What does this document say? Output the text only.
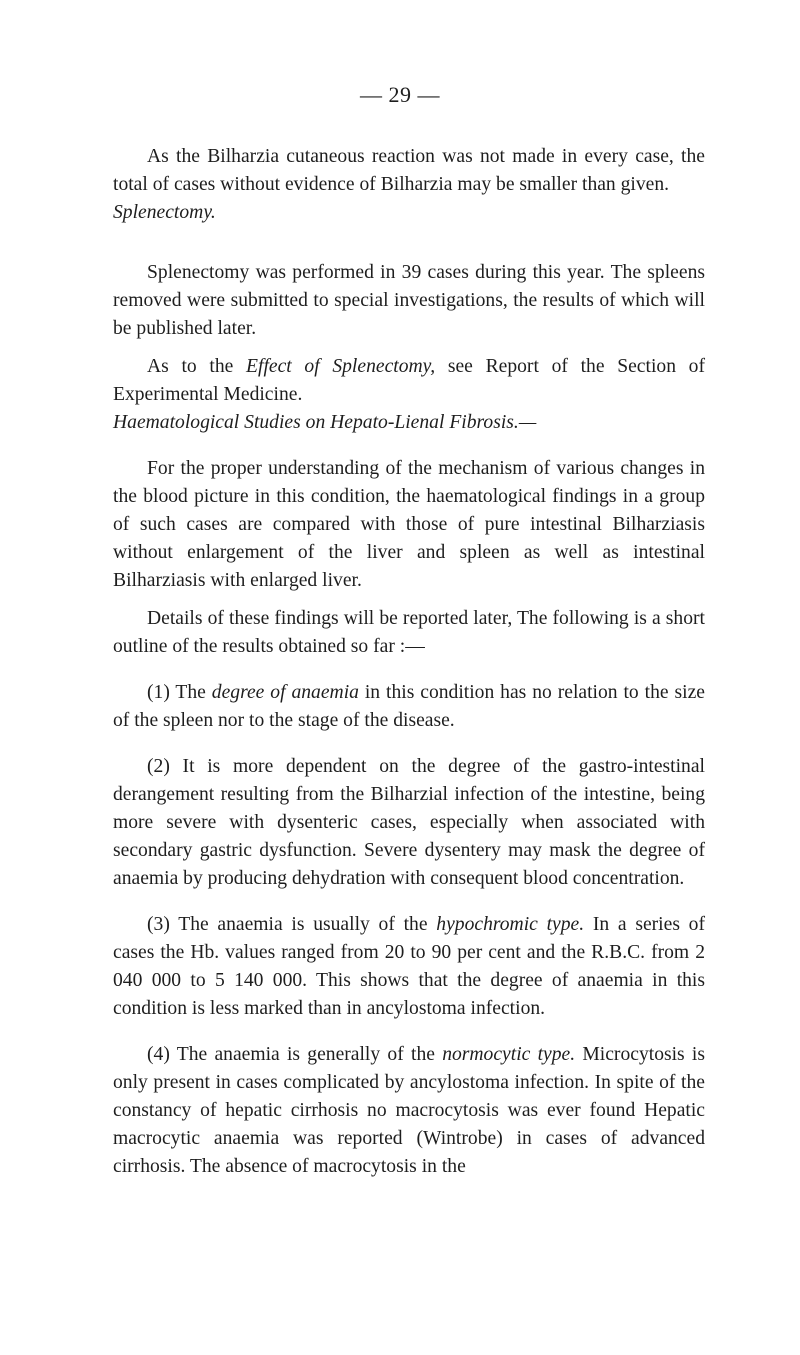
— 29 —

As the Bilharzia cutaneous reaction was not made in every case, the total of cases without evidence of Bilharzia may be smaller than given.

Splenectomy.

Splenectomy was performed in 39 cases during this year. The spleens removed were submitted to special investigations, the results of which will be published later.

As to the Effect of Splenectomy, see Report of the Section of Experimental Medicine.

Haematological Studies on Hepato-Lienal Fibrosis.—

For the proper understanding of the mechanism of various changes in the blood picture in this condition, the haematological findings in a group of such cases are compared with those of pure intestinal Bilharziasis without enlargement of the liver and spleen as well as intestinal Bilharziasis with enlarged liver.

Details of these findings will be reported later, The following is a short outline of the results obtained so far :—

(1) The degree of anaemia in this condition has no relation to the size of the spleen nor to the stage of the disease.

(2) It is more dependent on the degree of the gastro-intestinal derangement resulting from the Bilharzial infection of the intestine, being more severe with dysenteric cases, especially when associated with secondary gastric dysfunction. Severe dysentery may mask the degree of anaemia by producing dehydration with consequent blood concentration.

(3) The anaemia is usually of the hypochromic type. In a series of cases the Hb. values ranged from 20 to 90 per cent and the R.B.C. from 2 040 000 to 5 140 000. This shows that the degree of anaemia in this condition is less marked than in ancylostoma infection.

(4) The anaemia is generally of the normocytic type. Microcytosis is only present in cases complicated by ancylostoma infection. In spite of the constancy of hepatic cirrhosis no macrocytosis was ever found Hepatic macrocytic anaemia was reported (Wintrobe) in cases of advanced cirrhosis. The absence of macrocytosis in the
